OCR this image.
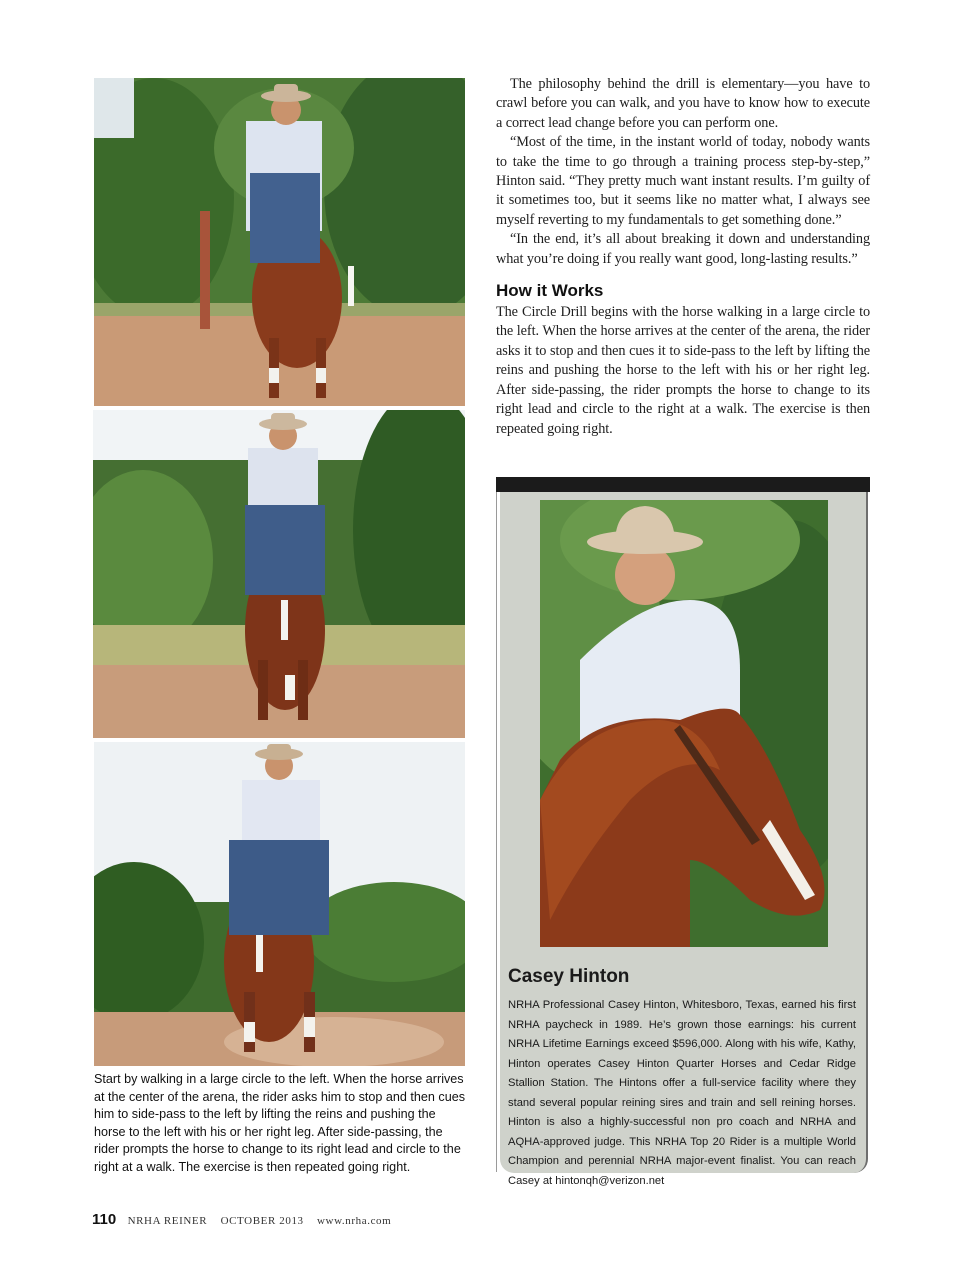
Start by walking in a large circle to the left. When the horse arrives at the center of the arena, the rider asks him to stop and then cues him to side-pass to the left by lifting the reins and pushing the horse to the left with his or her right leg. After side-passing, the rider prompts the horse to change to its right lead and circle to the right at a walk. The exercise is then repeated going right.

The philosophy behind the drill is elementary—you have to crawl before you can walk, and you have to know how to execute a correct lead change before you can perform one.

“Most of the time, in the instant world of today, nobody wants to take the time to go through a training process step-by-step,” Hinton said. “They pretty much want instant results. I’m guilty of it sometimes too, but it seems like no matter what, I always see myself reverting to my fundamentals to get something done.”

“In the end, it’s all about breaking it down and understanding what you’re doing if you really want good, long-lasting results.”

How it Works

The Circle Drill begins with the horse walking in a large circle to the left. When the horse arrives at the center of the arena, the rider asks it to stop and then cues it to side-pass to the left by lifting the reins and pushing the horse to the left with his or her right leg. After side-passing, the rider prompts the horse to change to its right lead and circle to the right at a walk. The exercise is then repeated going right.

Casey Hinton
NRHA Professional Casey Hinton, Whitesboro, Texas, earned his first NRHA paycheck in 1989. He’s grown those earnings: his current NRHA Lifetime Earnings exceed $596,000. Along with his wife, Kathy, Hinton operates Casey Hinton Quarter Horses and Cedar Ridge Stallion Station. The Hintons offer a full-service facility where they stand several popular reining sires and train and sell reining horses. Hinton is also a highly-successful non pro coach and NRHA and AQHA-approved judge. This NRHA Top 20 Rider is a multiple World Champion and perennial NRHA major-event finalist. You can reach Casey at hintonqh@verizon.net
110 NRHA REINER OCTOBER 2013 www.nrha.com
